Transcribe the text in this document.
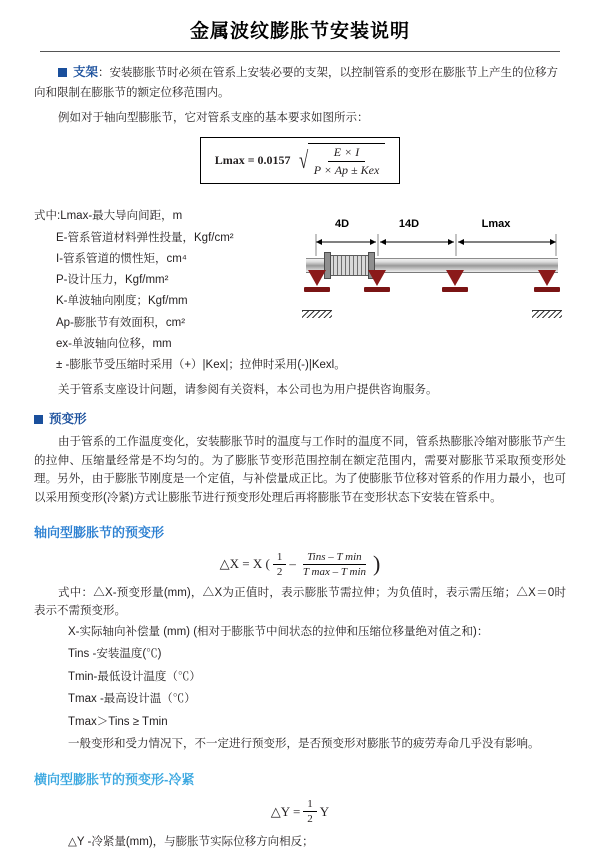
金属波纹膨胀节安装说明
支架：安装膨胀节时必须在管系上安装必要的支架，以控制管系的变形在膨胀节上产生的位移方向和限制在膨胀节的额定位移范围内。

例如对于轴向型膨胀节，它对管系支座的基本要求如图所示：

Lmax = 0.0157 √ $\frac{E \times I}{\text{P × Ap ± Kex}}$
式中:Lmax-最大导向间距，m
E-管系管道材料弹性投量，Kgf/cm²
I-管系管道的惯性矩，cm⁴
P-设计压力，Kgf/mm²
K-单波轴向刚度；Kgf/mm
Ap-膨胀节有效面积，cm²
ex-单波轴向位移，mm
± -膨胀节受压缩时采用（+）|Kex|；拉伸时采用(-)|Kexl。
4D	14D	Lmax

关于管系支座设计问题，请参阅有关资料，本公司也为用户提供咨询服务。

预变形

由于管系的工作温度变化，安装膨胀节时的温度与工作时的温度不同，管系热膨胀冷缩对膨胀节产生的拉伸、压缩量经常是不均匀的。为了膨胀节变形范围控制在额定范围内，需要对膨胀节采取预变形处理。另外，由于膨胀节刚度是一个定值，与补偿量成正比。为了使膨胀节位移对管系的作用力最小，也可以采用预变形(冷紧)方式让膨胀节进行预变形处理后再将膨胀节在变形状态下安装在管系中。

轴向型膨胀节的预变形
△X = X ( $\frac{1}{2} - \frac{\text{Tins – T min}}{\text{T max – T min}}$ )

式中：△X-预变形量(mm)，△X为正值时，表示膨胀节需拉伸；为负值时，表示需压缩；△X＝0时表示不需预变形。

X-实际轴向补偿量 (mm) (相对于膨胀节中间状态的拉伸和压缩位移量绝对值之和)：
Tins -安装温度(℃)
Tmin-最低设计温度（℃）
Tmax -最高设计温（℃）
Tmax＞Tins ≥ Tmin
一般变形和受力情况下，不一定进行预变形，是否预变形对膨胀节的疲劳寿命几乎没有影响。
横向型膨胀节的预变形-冷紧
△Y = $\frac{1}{2}$ Y
△Y -冷紧量(mm)，与膨胀节实际位移方向相反；
